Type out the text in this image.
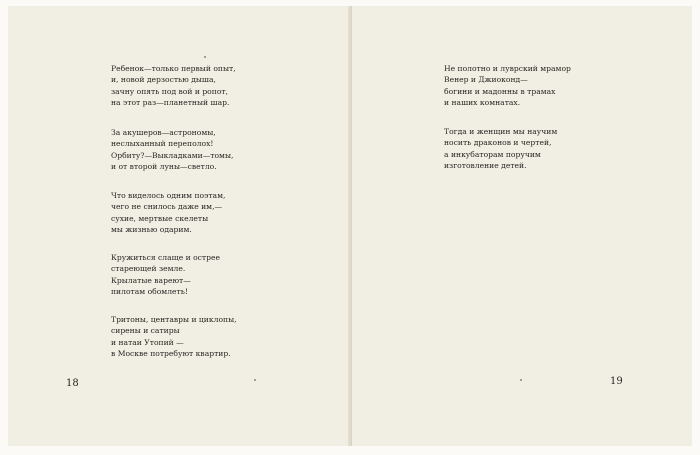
Ребенок—только первый опыт,
и, новой дерзостью дыша,
зачну опять под вой и ропот,
на этот раз—планетный шар.
За акушеров—астрономы,
неслыханный переполох!
Орбиту?—Выкладками—томы,
и от второй луны—светло.
Что виделось одним поэтам,
чего не снилось даже им,—
сухие, мертвые скелеты
мы жизнью одарим.
Кружиться слаще и острее
стареющей земле.
Крылатые вареют—
пилотам обомлеть!
Тритоны, центавры и циклопы,
сирены и сатиры
и натаи Утопий —
в Москве потребуют квартир.
18
Не полотно и луврский мрамор
Венер и Джиоконд—
богини и мадонны в трамах
и наших комнатах.
Тогда и женщин мы научим
носить драконов и чертей,
а инкубаторам поручим
изготовление детей.
19
